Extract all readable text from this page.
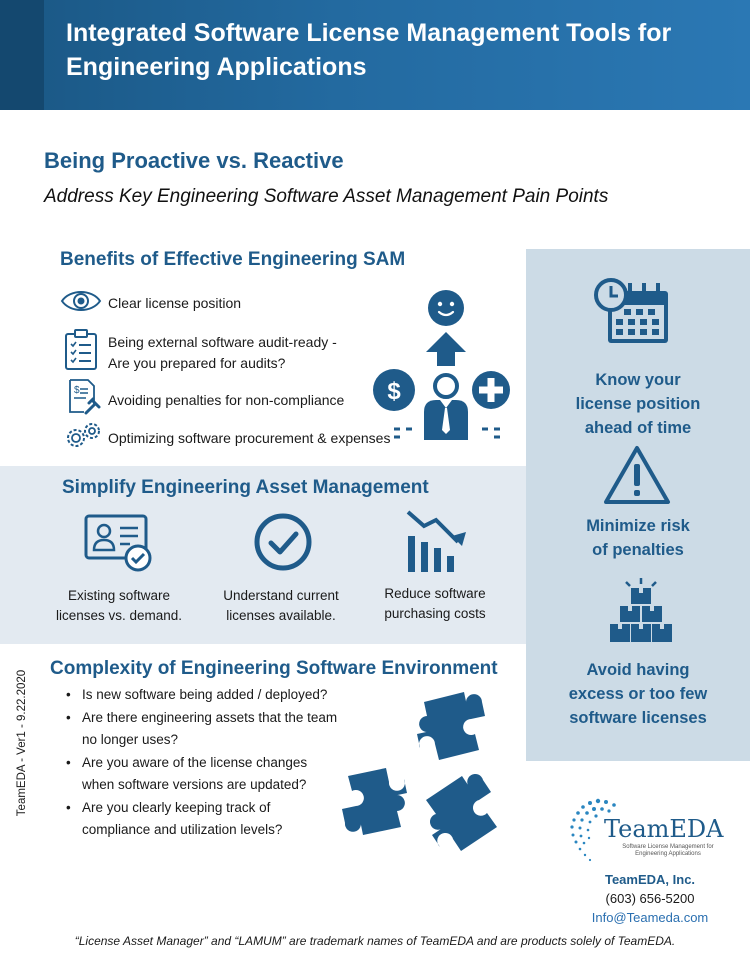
Integrated Software License Management Tools for Engineering Applications
Being Proactive vs. Reactive
Address Key Engineering Software Asset Management Pain Points
Benefits of Effective Engineering SAM
Clear license position
Being external software audit-ready -
Are you prepared for audits?
$
Avoiding penalties for non-compliance
Optimizing software procurement & expenses
$
Simplify Engineering Asset Management
Existing software
licenses vs. demand.
Understand current
licenses available.
Reduce software
purchasing costs
Complexity of Engineering Software Environment
• Is new software being added / deployed?
• Are there engineering assets that the team
no longer uses?
• Are you aware of the license changes
when software versions are updated?
• Are you clearly keeping track of
compliance and utilization levels?
Know your
license position
ahead of time
Minimize risk
of penalties
Avoid having
excess or too few
software licenses
TeamEDA - Ver1 - 9.22.2020
TeamEDA
Software License Management for Engineering Applications
TeamEDA, Inc.
(603) 656-5200
Info@Teameda.com
“License Asset Manager” and “LAMUM” are trademark names of TeamEDA and are products solely of TeamEDA.
